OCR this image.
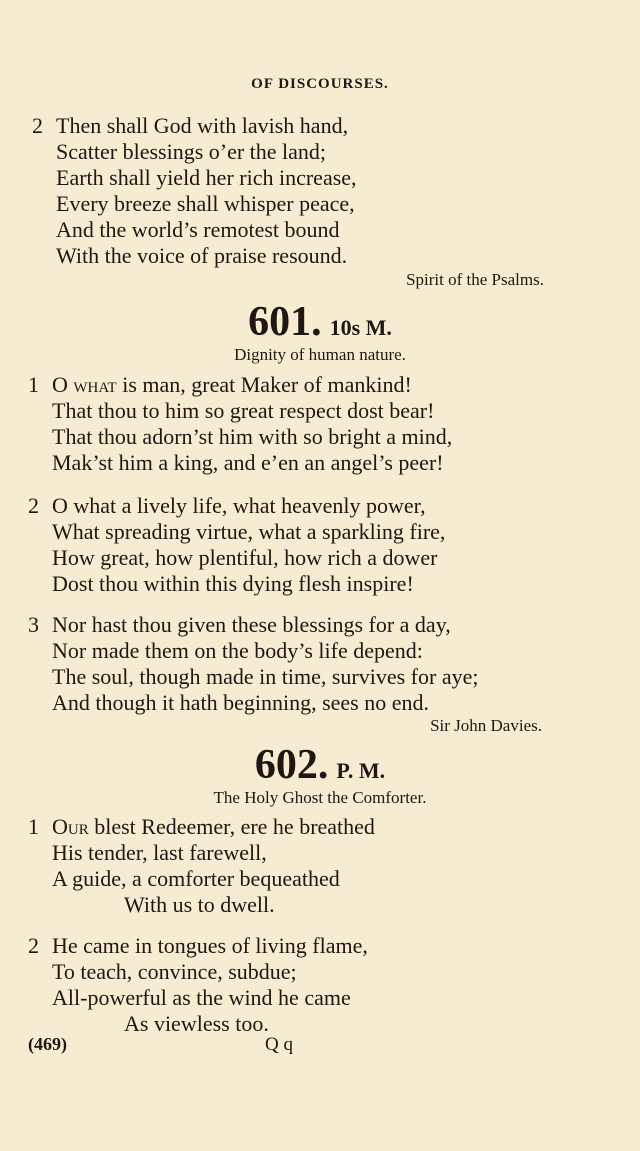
OF DISCOURSES.
2 Then shall God with lavish hand,
Scatter blessings o’er the land;
Earth shall yield her rich increase,
Every breeze shall whisper peace,
And the world’s remotest bound
With the voice of praise resound.
Spirit of the Psalms.
601. 10s M.
Dignity of human nature.
1 O what is man, great Maker of mankind!
That thou to him so great respect dost bear!
That thou adorn’st him with so bright a mind,
Mak’st him a king, and e’en an angel’s peer!
2 O what a lively life, what heavenly power,
What spreading virtue, what a sparkling fire,
How great, how plentiful, how rich a dower
Dost thou within this dying flesh inspire!
3 Nor hast thou given these blessings for a day,
Nor made them on the body’s life depend:
The soul, though made in time, survives for aye;
And though it hath beginning, sees no end.
Sir John Davies.
602. P. M.
The Holy Ghost the Comforter.
1 Our blest Redeemer, ere he breathed
His tender, last farewell,
A guide, a comforter bequeathed
With us to dwell.
2 He came in tongues of living flame,
To teach, convince, subdue;
All-powerful as the wind he came
As viewless too.
(469)	Q q
